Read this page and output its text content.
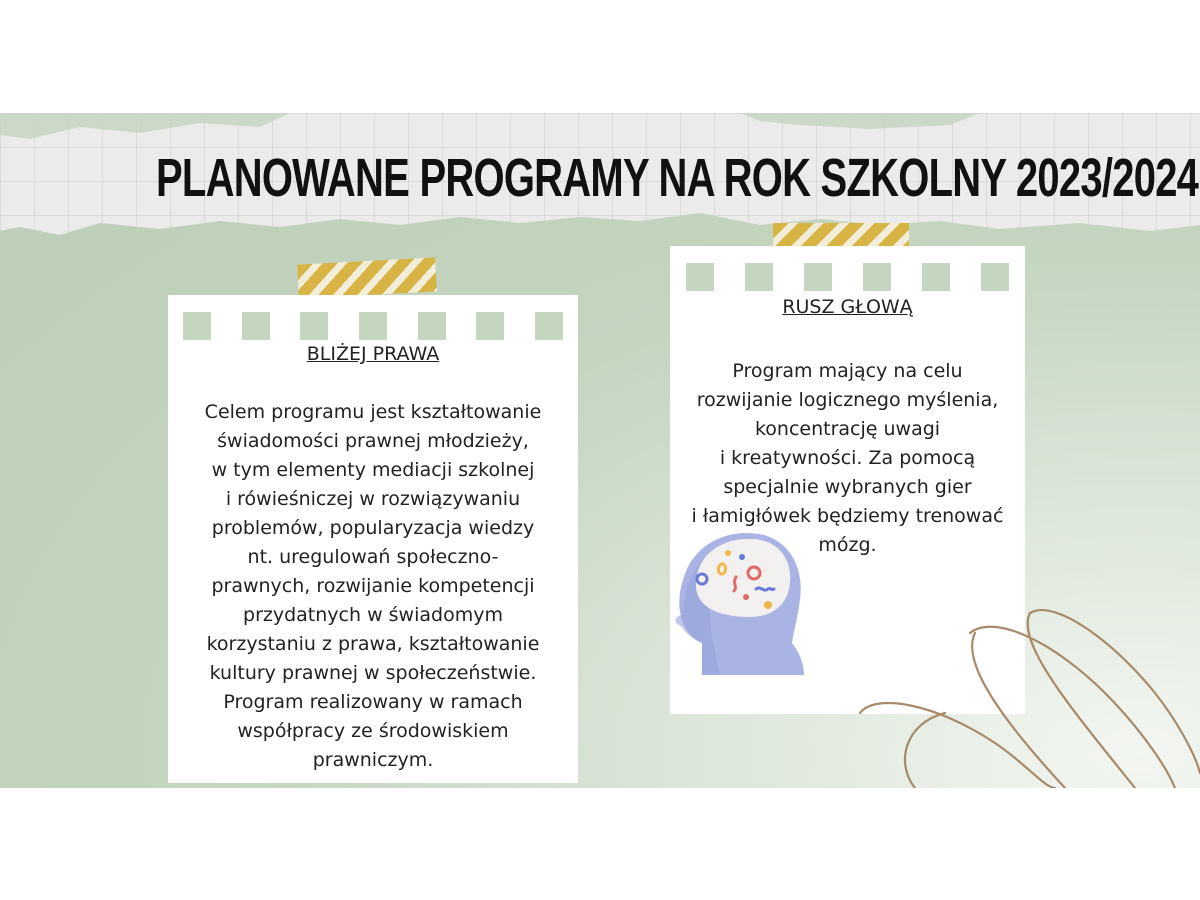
PLANOWANE PROGRAMY NA ROK SZKOLNY 2023/2024
BLIŻEJ PRAWA
Celem programu jest kształtowanie
świadomości prawnej młodzieży,
w tym elementy mediacji szkolnej
i rówieśniczej w rozwiązywaniu
problemów, popularyzacja wiedzy
nt. uregulowań społeczno-
prawnych, rozwijanie kompetencji
przydatnych w świadomym
korzystaniu z prawa, kształtowanie
kultury prawnej w społeczeństwie.
Program realizowany w ramach
współpracy ze środowiskiem
prawniczym.
RUSZ GŁOWĄ
Program mający na celu
rozwijanie logicznego myślenia,
koncentrację uwagi
i kreatywności. Za pomocą
specjalnie wybranych gier
i łamigłówek będziemy trenować
mózg.
